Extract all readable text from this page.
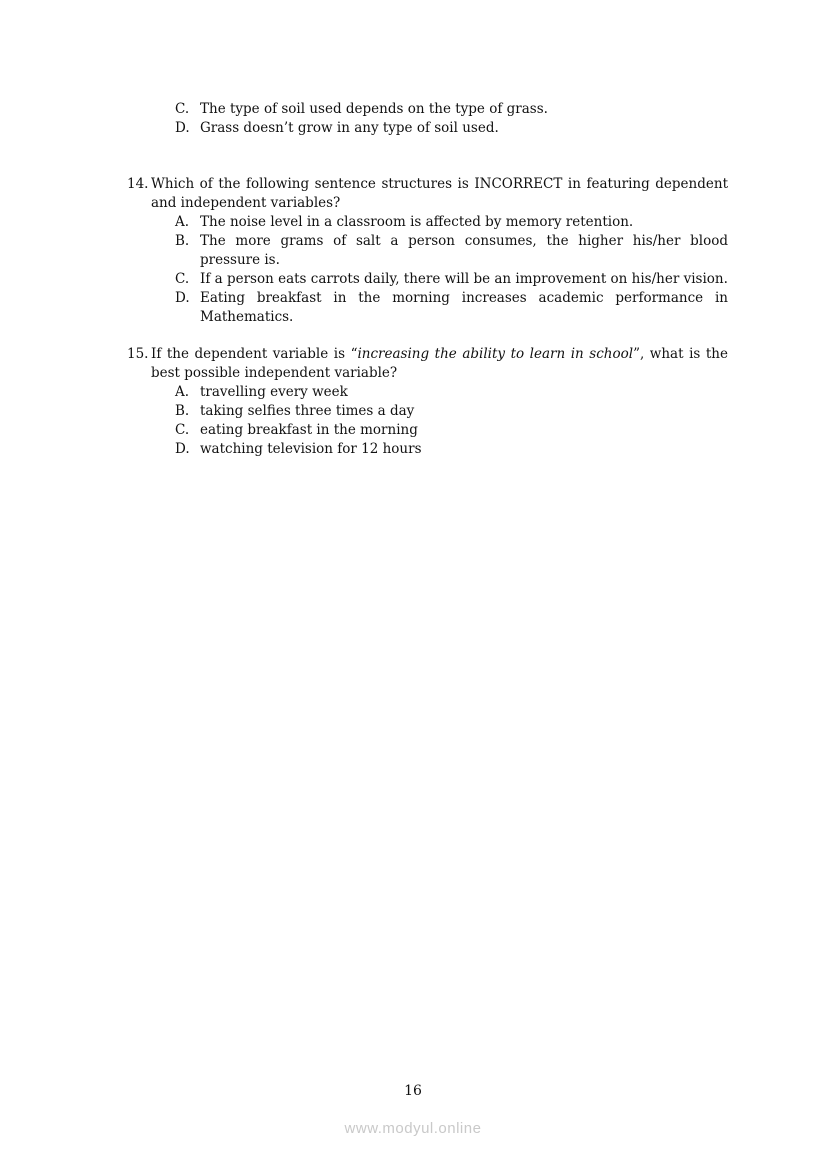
C. The type of soil used depends on the type of grass.
D. Grass doesn’t grow in any type of soil used.
14. Which of the following sentence structures is INCORRECT in featuring dependent and independent variables?
A. The noise level in a classroom is affected by memory retention.
B. The more grams of salt a person consumes, the higher his/her blood pressure is.
C. If a person eats carrots daily, there will be an improvement on his/her vision.
D. Eating breakfast in the morning increases academic performance in Mathematics.
15. If the dependent variable is “increasing the ability to learn in school”, what is the best possible independent variable?
A. travelling every week
B. taking selfies three times a day
C. eating breakfast in the morning
D. watching television for 12 hours
16
www.modyul.online
